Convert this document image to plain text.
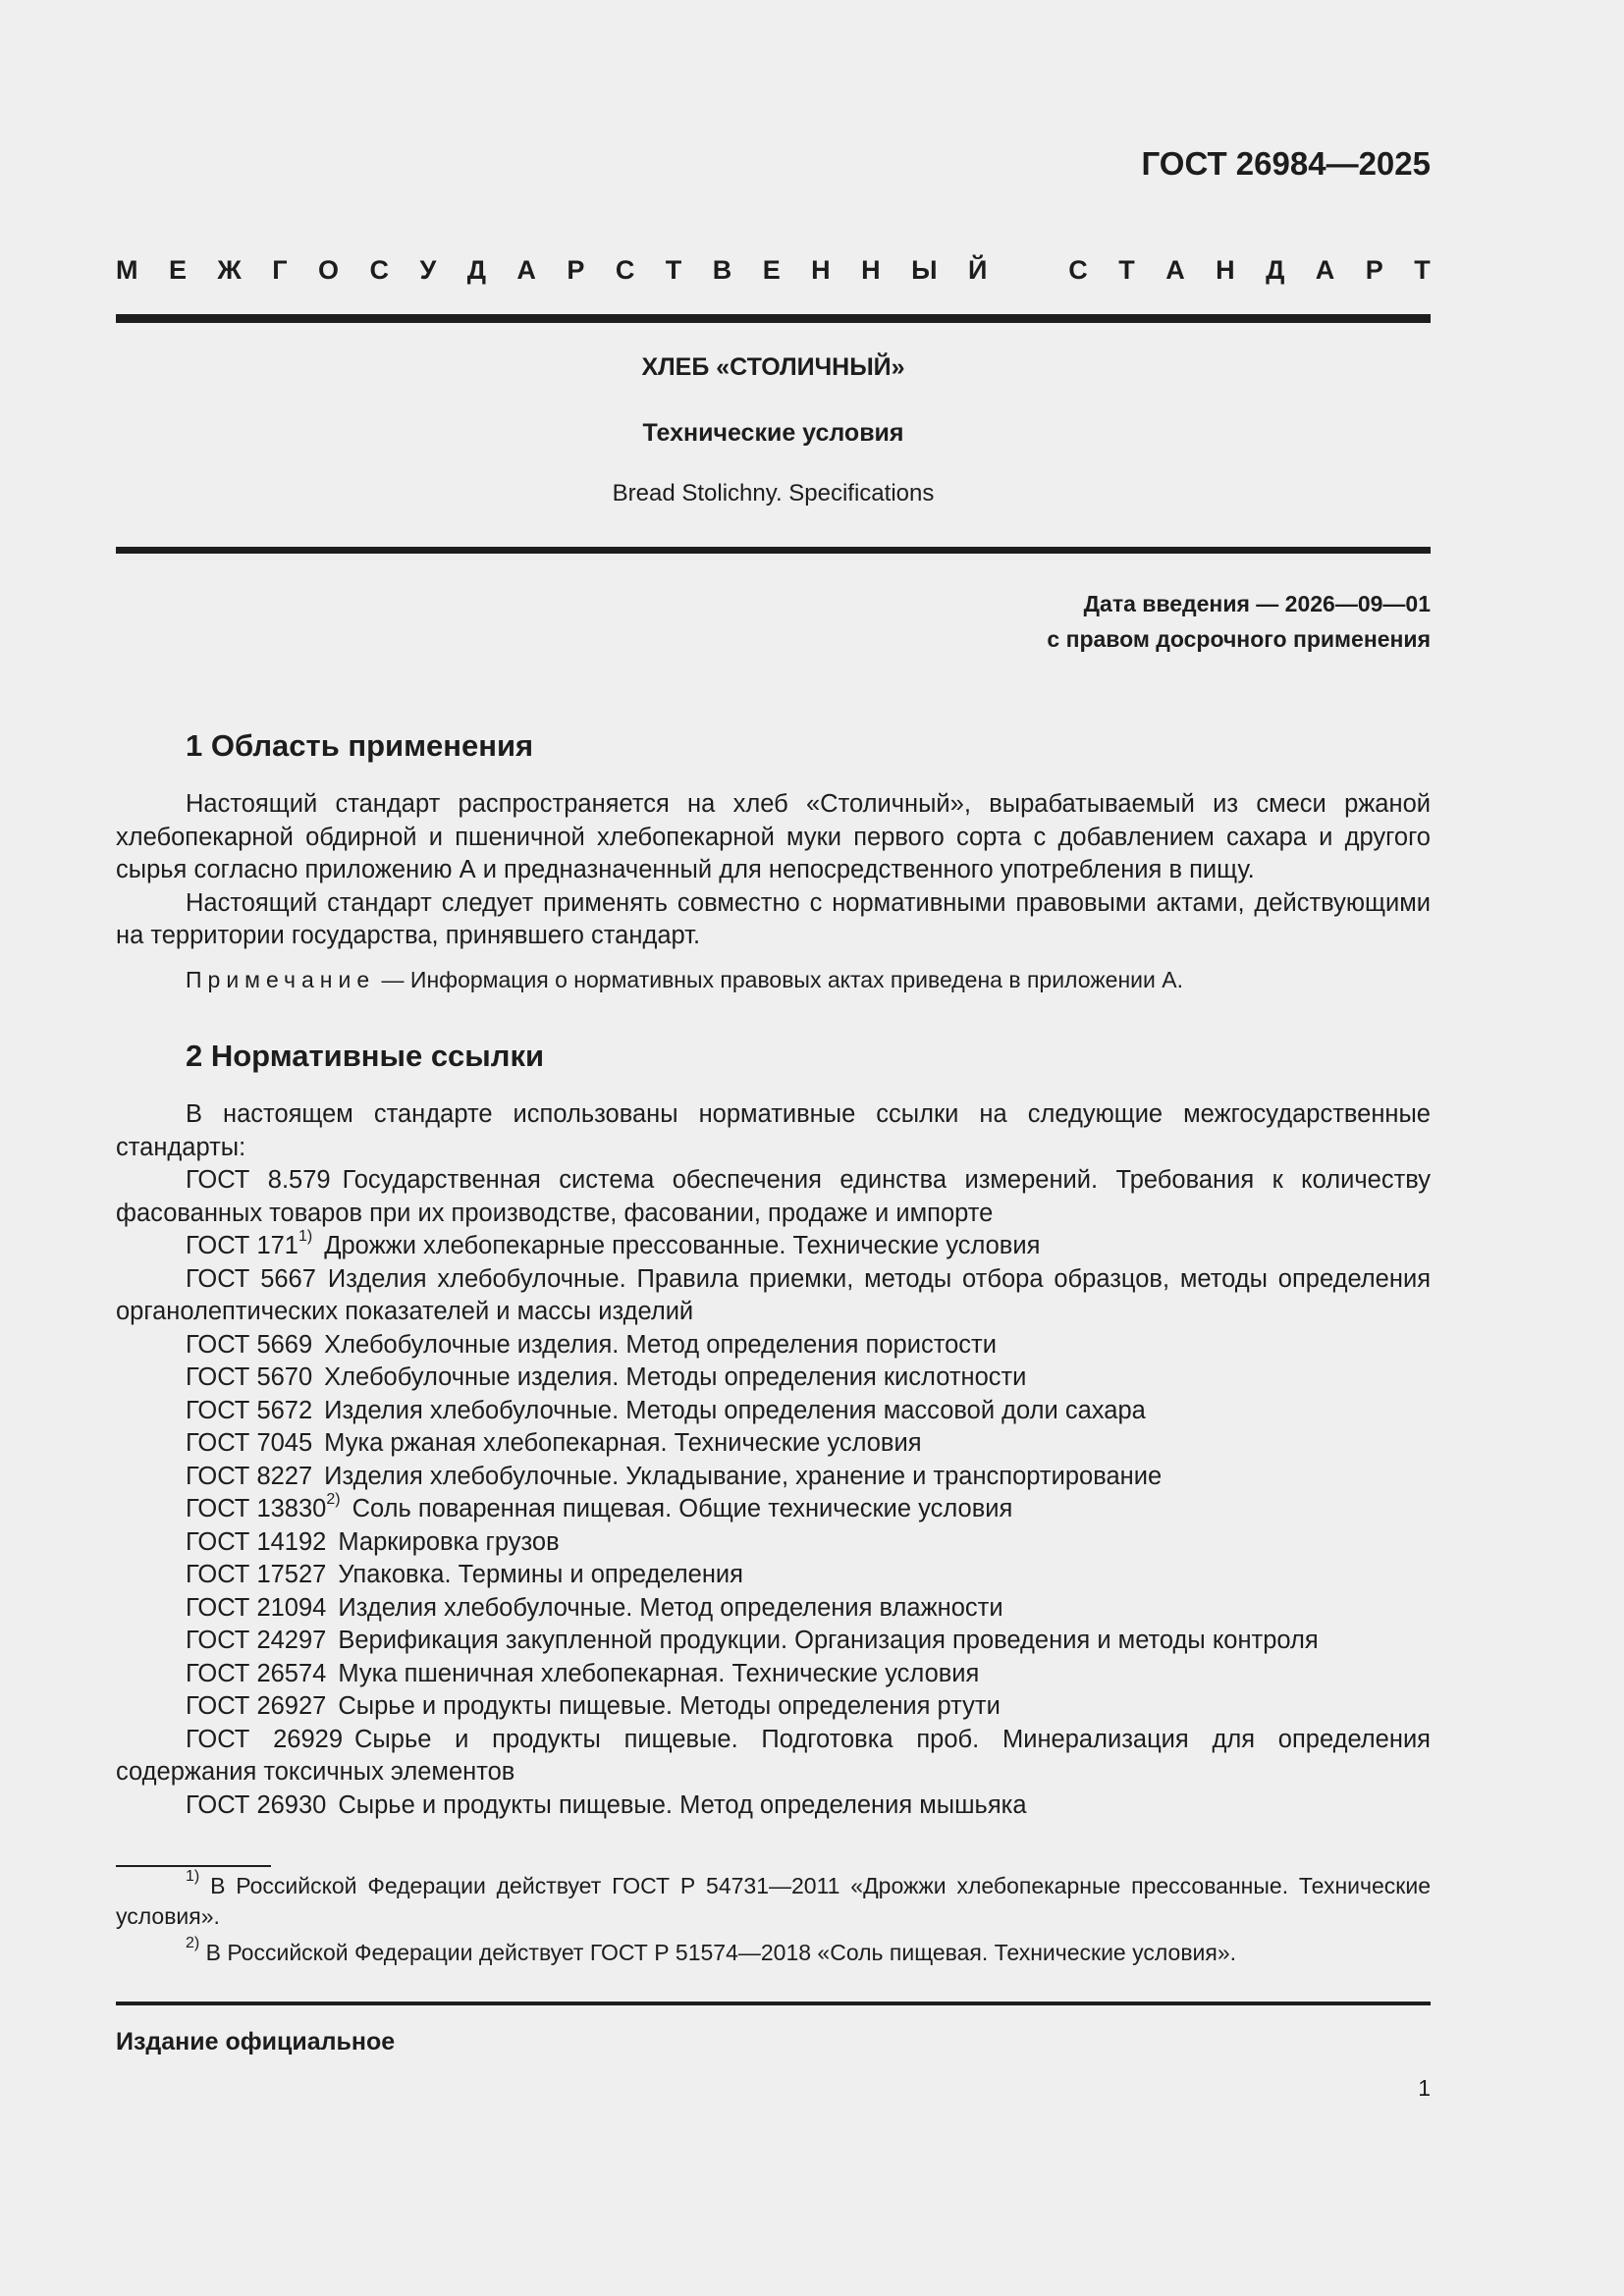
ГОСТ 26984—2025
М Е Ж Г О С У Д А Р С Т В Е Н Н Ы Й	С Т А Н Д А Р Т
ХЛЕБ «СТОЛИЧНЫЙ»
Технические условия
Bread Stolichny. Specifications
Дата введения — 2026—09—01
с правом досрочного применения
1 Область применения

Настоящий стандарт распространяется на хлеб «Столичный», вырабатываемый из смеси ржаной хлебопекарной обдирной и пшеничной хлебопекарной муки первого сорта с добавлением сахара и другого сырья согласно приложению А и предназначенный для непосредственного употребления в пищу.

Настоящий стандарт следует применять совместно с нормативными правовыми актами, действующими на территории государства, принявшего стандарт.

Примечание — Информация о нормативных правовых актах приведена в приложении А.
2 Нормативные ссылки

В настоящем стандарте использованы нормативные ссылки на следующие межгосударственные стандарты:

ГОСТ 8.579 Государственная система обеспечения единства измерений. Требования к количеству фасованных товаров при их производстве, фасовании, продаже и импорте

ГОСТ 171$^{1)}$ Дрожжи хлебопекарные прессованные. Технические условия

ГОСТ 5667 Изделия хлебобулочные. Правила приемки, методы отбора образцов, методы определения органолептических показателей и массы изделий

ГОСТ 5669 Хлебобулочные изделия. Метод определения пористости

ГОСТ 5670 Хлебобулочные изделия. Методы определения кислотности

ГОСТ 5672 Изделия хлебобулочные. Методы определения массовой доли сахара

ГОСТ 7045 Мука ржаная хлебопекарная. Технические условия

ГОСТ 8227 Изделия хлебобулочные. Укладывание, хранение и транспортирование

ГОСТ 13830$^{2)}$ Соль поваренная пищевая. Общие технические условия

ГОСТ 14192 Маркировка грузов

ГОСТ 17527 Упаковка. Термины и определения

ГОСТ 21094 Изделия хлебобулочные. Метод определения влажности

ГОСТ 24297 Верификация закупленной продукции. Организация проведения и методы контроля

ГОСТ 26574 Мука пшеничная хлебопекарная. Технические условия

ГОСТ 26927 Сырье и продукты пищевые. Методы определения ртути

ГОСТ 26929 Сырье и продукты пищевые. Подготовка проб. Минерализация для определения содержания токсичных элементов

ГОСТ 26930 Сырье и продукты пищевые. Метод определения мышьяка

$^{1)}$ В Российской Федерации действует ГОСТ Р 54731—2011 «Дрожжи хлебопекарные прессованные. Технические условия».

$^{2)}$ В Российской Федерации действует ГОСТ Р 51574—2018 «Соль пищевая. Технические условия».

Издание официальное
1
